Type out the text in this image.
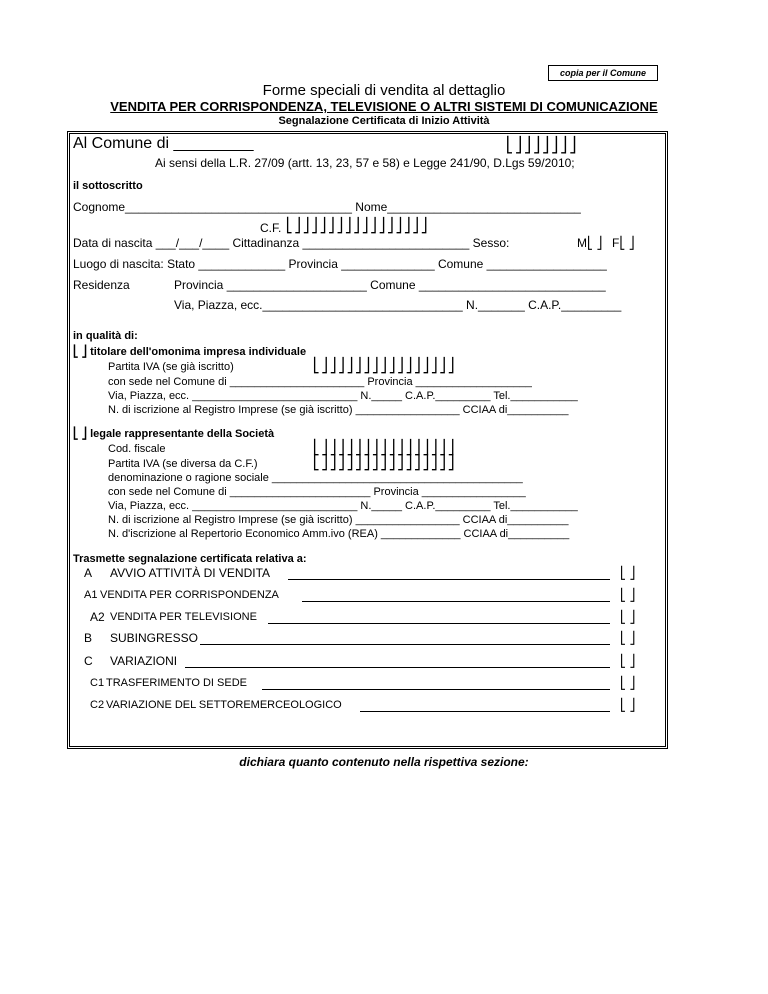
copia per il Comune
Forme speciali di vendita al dettaglio
VENDITA PER CORRISPONDENZA, TELEVISIONE O ALTRI SISTEMI DI COMUNICAZIONE
Segnalazione Certificata di Inizio Attività
Al Comune di _________	⎣⎦⎦⎦⎦⎦⎦⎦
Ai sensi della L.R. 27/09 (artt. 13, 23, 57 e 58) e Legge 241/90, D.Lgs 59/2010;
il sottoscritto
Cognome__________________________________ Nome_____________________________
C.F. ⎣⎦⎦⎦⎦⎦⎦⎦⎦⎦⎦⎦⎦⎦⎦⎦⎦
Data di nascita ___/___/____ Cittadinanza _________________________ Sesso:	M⎣ ⎦ F⎣ ⎦
Luogo di nascita: Stato _____________ Provincia ______________ Comune __________________
Residenza	Provincia _____________________ Comune ____________________________
Via, Piazza, ecc.______________________________ N._______ C.A.P._________
in qualità di:
⎣ ⎦ titolare dell'omonima impresa individuale
Partita IVA (se già iscritto)	⎣⎦⎦⎦⎦⎦⎦⎦⎦⎦⎦⎦⎦⎦⎦⎦⎦
con sede nel Comune di ______________________ Provincia ___________________
Via, Piazza, ecc. ___________________________ N._____ C.A.P._________ Tel.___________
N. di iscrizione al Registro Imprese (se già iscritto) _________________ CCIAA di__________
⎣ ⎦ legale rappresentante della Società
Cod. fiscale	⎣⎦⎦⎦⎦⎦⎦⎦⎦⎦⎦⎦⎦⎦⎦⎦⎦
Partita IVA (se diversa da C.F.)	⎣⎦⎦⎦⎦⎦⎦⎦⎦⎦⎦⎦⎦⎦⎦⎦⎦
denominazione o ragione sociale _________________________________________
con sede nel Comune di _______________________ Provincia _________________
Via, Piazza, ecc. ___________________________ N._____ C.A.P._________ Tel.___________
N. di iscrizione al Registro Imprese (se già iscritto) _________________ CCIAA di__________
N. d'iscrizione al Repertorio Economico Amm.ivo (REA) _____________ CCIAA di__________
Trasmette segnalazione certificata relativa a:
A AVVIO ATTIVITÀ DI VENDITA	⎣ ⎦
A1 VENDITA PER CORRISPONDENZA	⎣ ⎦
A2 VENDITA PER TELEVISIONE	⎣ ⎦
B SUBINGRESSO	⎣ ⎦
C VARIAZIONI	⎣ ⎦
C1 TRASFERIMENTO DI SEDE	⎣ ⎦
C2 VARIAZIONE DEL SETTOREMERCEOLOGICO	⎣ ⎦
dichiara quanto contenuto nella rispettiva sezione:
